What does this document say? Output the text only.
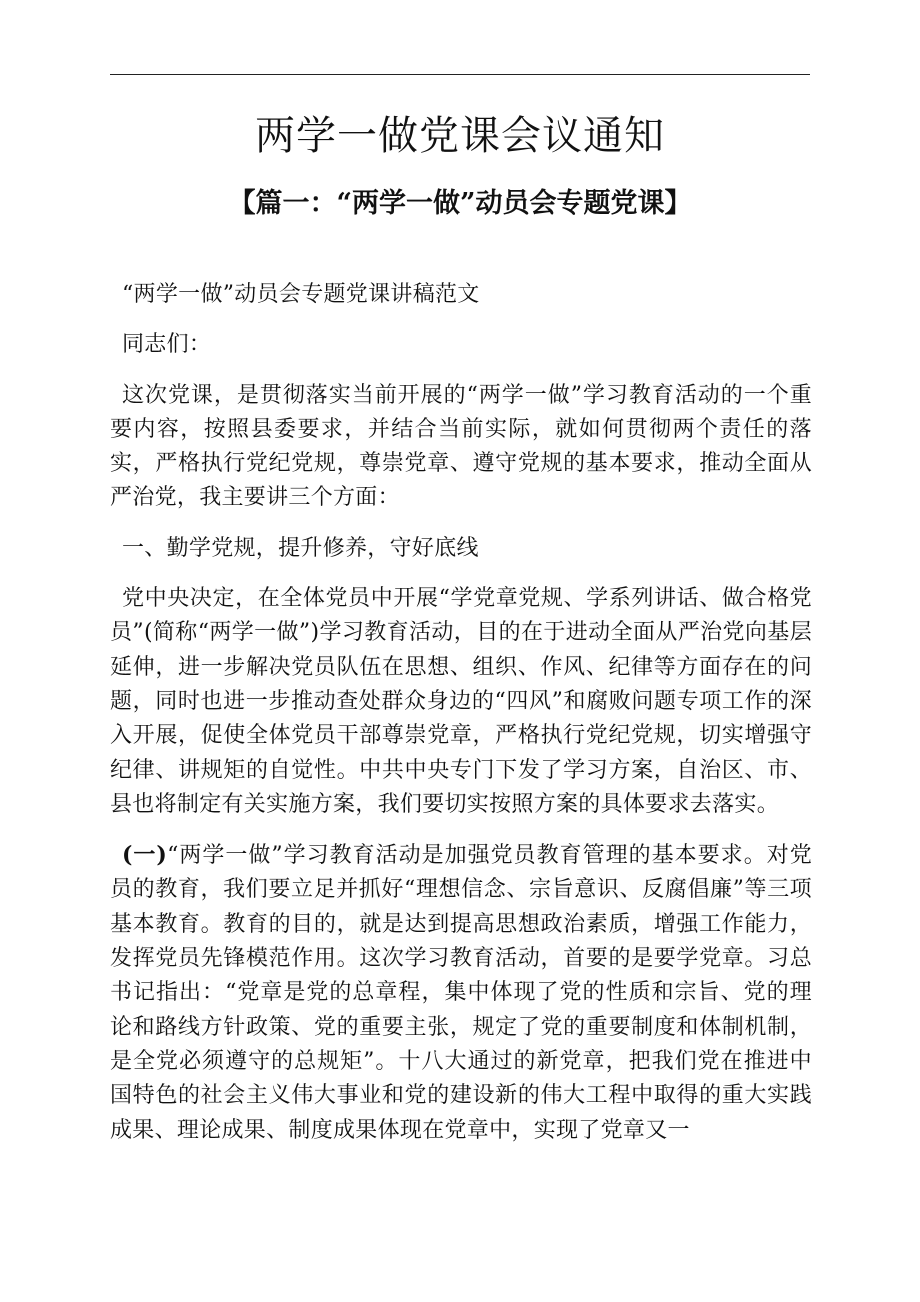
两学一做党课会议通知
【篇一：“两学一做”动员会专题党课】

“两学一做”动员会专题党课讲稿范文

同志们：

这次党课，是贯彻落实当前开展的“两学一做”学习教育活动的一个重要内容，按照县委要求，并结合当前实际，就如何贯彻两个责任的落实，严格执行党纪党规，尊崇党章、遵守党规的基本要求，推动全面从严治党，我主要讲三个方面：

一、勤学党规，提升修养，守好底线

党中央决定，在全体党员中开展“学党章党规、学系列讲话、做合格党员”(简称“两学一做”)学习教育活动，目的在于进动全面从严治党向基层延伸，进一步解决党员队伍在思想、组织、作风、纪律等方面存在的问题，同时也进一步推动查处群众身边的“四风”和腐败问题专项工作的深入开展，促使全体党员干部尊崇党章，严格执行党纪党规，切实增强守纪律、讲规矩的自觉性。中共中央专门下发了学习方案，自治区、市、县也将制定有关实施方案，我们要切实按照方案的具体要求去落实。

(一)“两学一做”学习教育活动是加强党员教育管理的基本要求。对党员的教育，我们要立足并抓好“理想信念、宗旨意识、反腐倡廉”等三项基本教育。教育的目的，就是达到提高思想政治素质，增强工作能力，发挥党员先锋模范作用。这次学习教育活动，首要的是要学党章。习总书记指出：“党章是党的总章程，集中体现了党的性质和宗旨、党的理论和路线方针政策、党的重要主张，规定了党的重要制度和体制机制，是全党必须遵守的总规矩”。十八大通过的新党章，把我们党在推进中国特色的社会主义伟大事业和党的建设新的伟大工程中取得的重大实践成果、理论成果、制度成果体现在党章中，实现了党章又一
